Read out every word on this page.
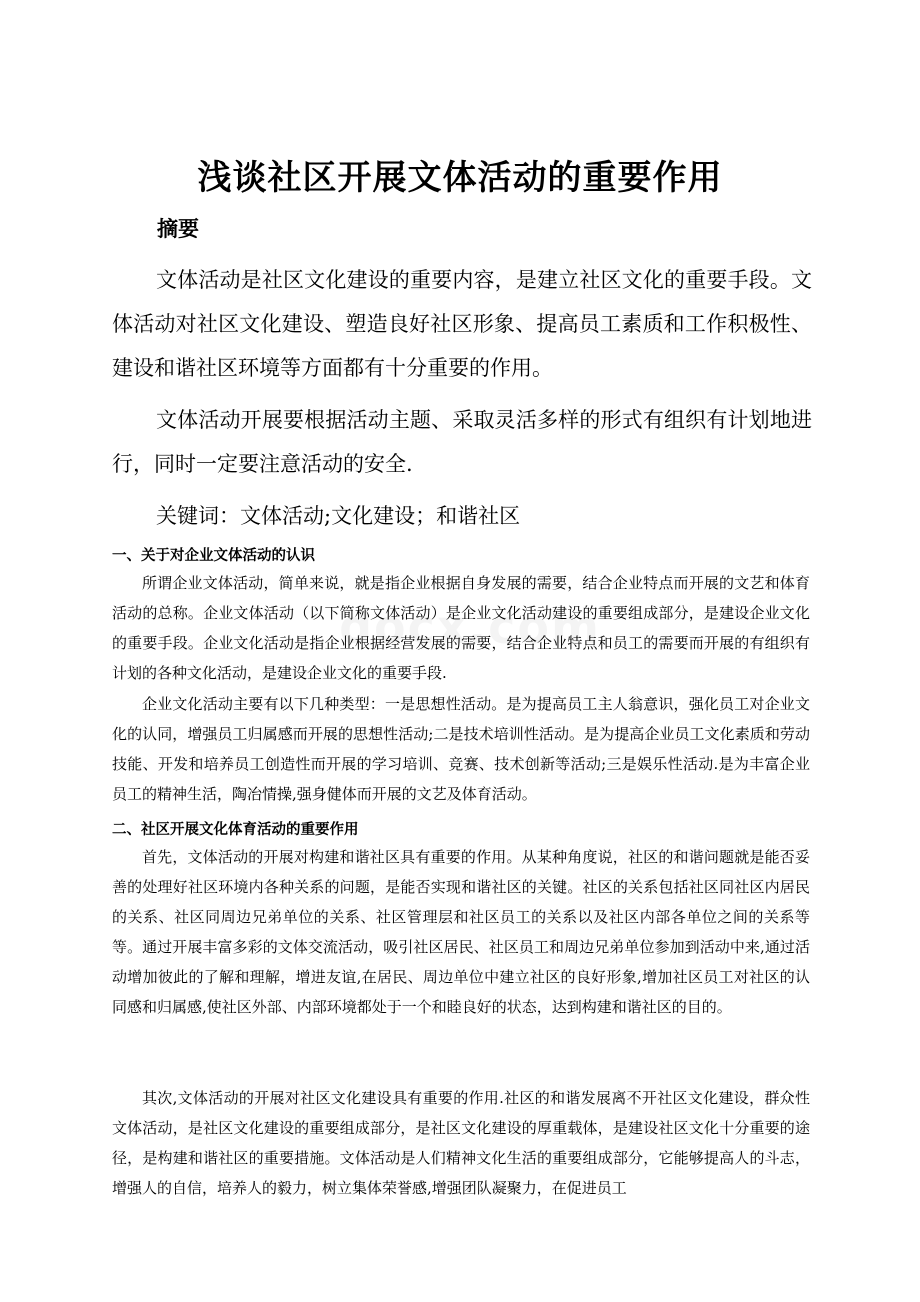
浅谈社区开展文体活动的重要作用
摘要

文体活动是社区文化建设的重要内容，是建立社区文化的重要手段。文体活动对社区文化建设、塑造良好社区形象、提高员工素质和工作积极性、建设和谐社区环境等方面都有十分重要的作用。

文体活动开展要根据活动主题、采取灵活多样的形式有组织有计划地进行，同时一定要注意活动的安全.

关键词：文体活动;文化建设；和谐社区
一、关于对企业文体活动的认识

所谓企业文体活动，简单来说，就是指企业根据自身发展的需要，结合企业特点而开展的文艺和体育活动的总称。企业文体活动（以下简称文体活动）是企业文化活动建设的重要组成部分，是建设企业文化的重要手段。企业文化活动是指企业根据经营发展的需要，结合企业特点和员工的需要而开展的有组织有计划的各种文化活动，是建设企业文化的重要手段.

企业文化活动主要有以下几种类型：一是思想性活动。是为提高员工主人翁意识，强化员工对企业文化的认同，增强员工归属感而开展的思想性活动;二是技术培训性活动。是为提高企业员工文化素质和劳动技能、开发和培养员工创造性而开展的学习培训、竞赛、技术创新等活动;三是娱乐性活动.是为丰富企业员工的精神生活，陶冶情操,强身健体而开展的文艺及体育活动。

二、社区开展文化体育活动的重要作用

首先，文体活动的开展对构建和谐社区具有重要的作用。从某种角度说，社区的和谐问题就是能否妥善的处理好社区环境内各种关系的问题，是能否实现和谐社区的关键。社区的关系包括社区同社区内居民的关系、社区同周边兄弟单位的关系、社区管理层和社区员工的关系以及社区内部各单位之间的关系等等。通过开展丰富多彩的文体交流活动，吸引社区居民、社区员工和周边兄弟单位参加到活动中来,通过活动增加彼此的了解和理解，增进友谊,在居民、周边单位中建立社区的良好形象,增加社区员工对社区的认同感和归属感,使社区外部、内部环境都处于一个和睦良好的状态，达到构建和谐社区的目的。

其次,文体活动的开展对社区文化建设具有重要的作用.社区的和谐发展离不开社区文化建设，群众性文体活动，是社区文化建设的重要组成部分，是社区文化建设的厚重载体，是建设社区文化十分重要的途径，是构建和谐社区的重要措施。文体活动是人们精神文化生活的重要组成部分，它能够提高人的斗志，增强人的自信，培养人的毅力，树立集体荣誉感,增强团队凝聚力，在促进员工
